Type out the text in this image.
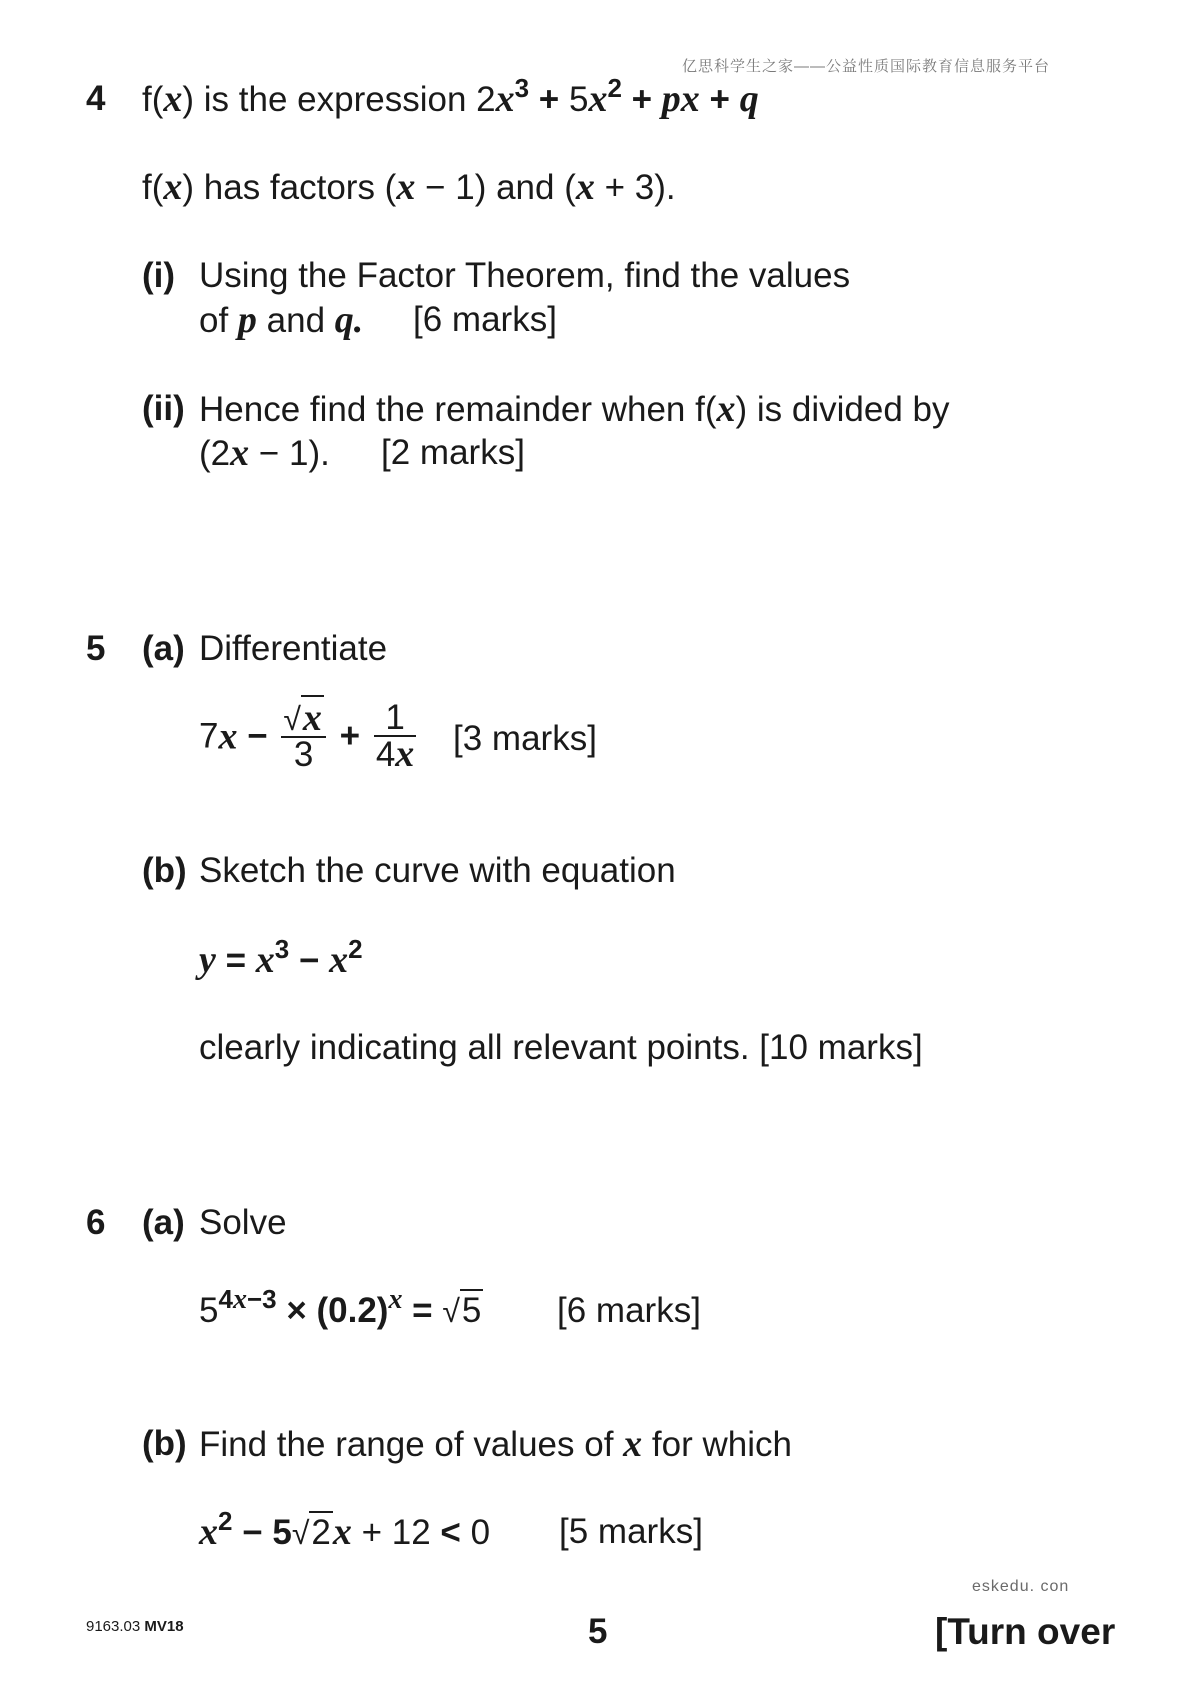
亿思科学生之家——公益性质国际教育信息服务平台
4 f(x) is the expression $2x^3 + 5x^2$ + px + q
f(x) has factors (x − 1) and (x + 3).
(i) Using the Factor Theorem, find the values
of p and q. [6 marks]
(ii) Hence find the remainder when f(x) is divided by
(2x − 1). [2 marks]
5 (a) Differentiate
$7x - \frac{√x}{3} + \frac{1}{4x} [3$ marks]
(b) Sketch the curve with equation
$y = x^3 - x^2$
clearly indicating all relevant points. [10 marks]
6 (a) Solve
$5^{4x-3} \times (0.2)^x = √5$ [6 marks]
(b) Find the range of values of x for which
$x^2 - 5√2x + 12 < 0$ [5 marks]
eskedu. con
9163.03 MV18	5	[Turn over
